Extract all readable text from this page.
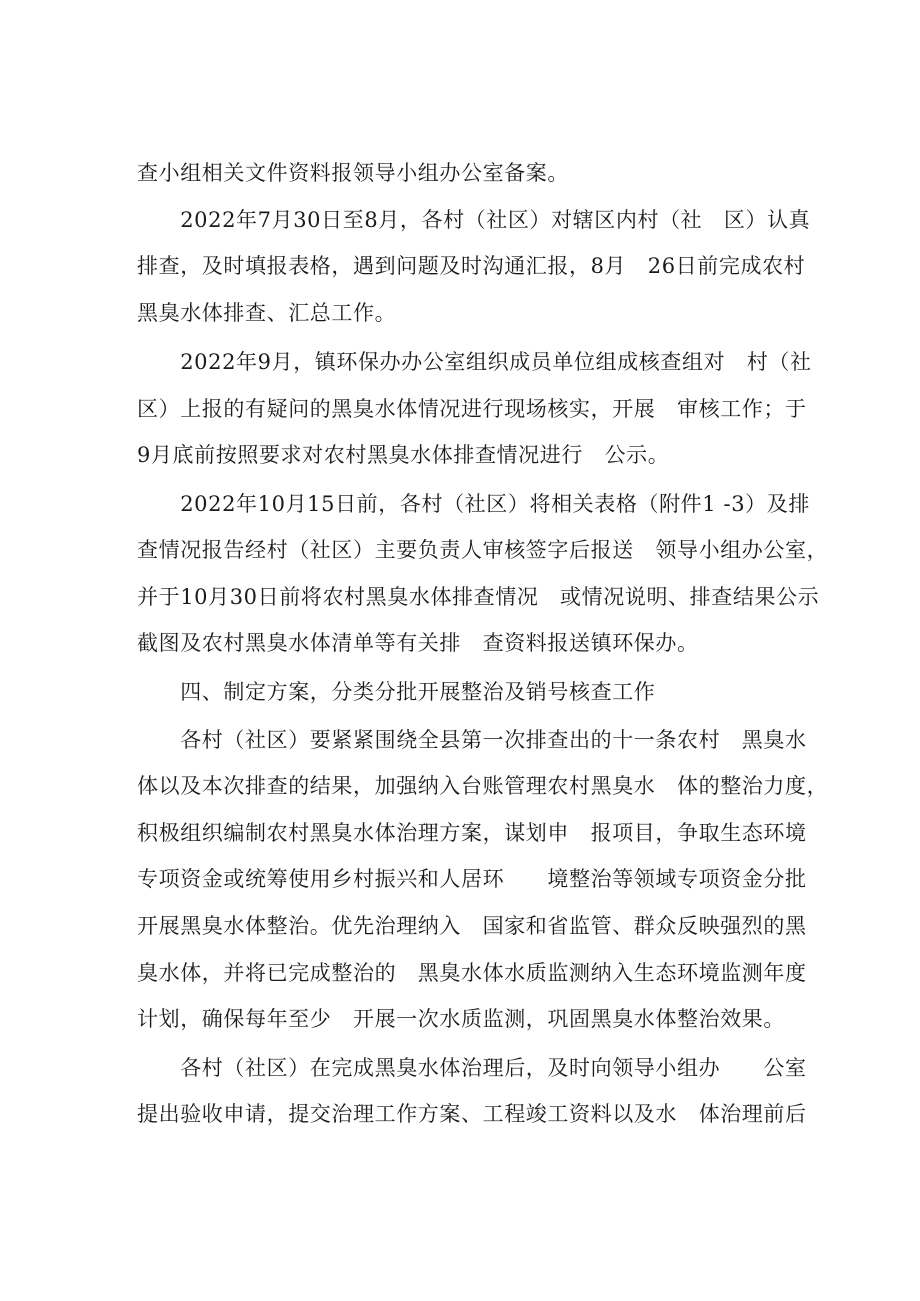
查小组相关文件资料报领导小组办公室备案。
　　2022年7月30日至8月，各村（社区）对辖区内村（社　区）认真
排查，及时填报表格，遇到问题及时沟通汇报，8月　26日前完成农村
黑臭水体排查、汇总工作。
　　2022年9月，镇环保办办公室组织成员单位组成核查组对　村（社
区）上报的有疑问的黑臭水体情况进行现场核实，开展　审核工作；于
9月底前按照要求对农村黑臭水体排查情况进行　公示。
　　2022年10月15日前，各村（社区）将相关表格（附件1 -3）及排
查情况报告经村（社区）主要负责人审核签字后报送　领导小组办公室，
并于10月30日前将农村黑臭水体排查情况　或情况说明、排查结果公示
截图及农村黑臭水体清单等有关排　查资料报送镇环保办。
　　四、制定方案，分类分批开展整治及销号核查工作
　　各村（社区）要紧紧围绕全县第一次排查出的十一条农村　黑臭水
体以及本次排查的结果，加强纳入台账管理农村黑臭水　体的整治力度，
积极组织编制农村黑臭水体治理方案，谋划申　报项目，争取生态环境
专项资金或统筹使用乡村振兴和人居环　　境整治等领域专项资金分批
开展黑臭水体整治。优先治理纳入　国家和省监管、群众反映强烈的黑
臭水体，并将已完成整治的　黑臭水体水质监测纳入生态环境监测年度
计划，确保每年至少　开展一次水质监测，巩固黑臭水体整治效果。
　　各村（社区）在完成黑臭水体治理后，及时向领导小组办　　公室
提出验收申请，提交治理工作方案、工程竣工资料以及水　体治理前后
